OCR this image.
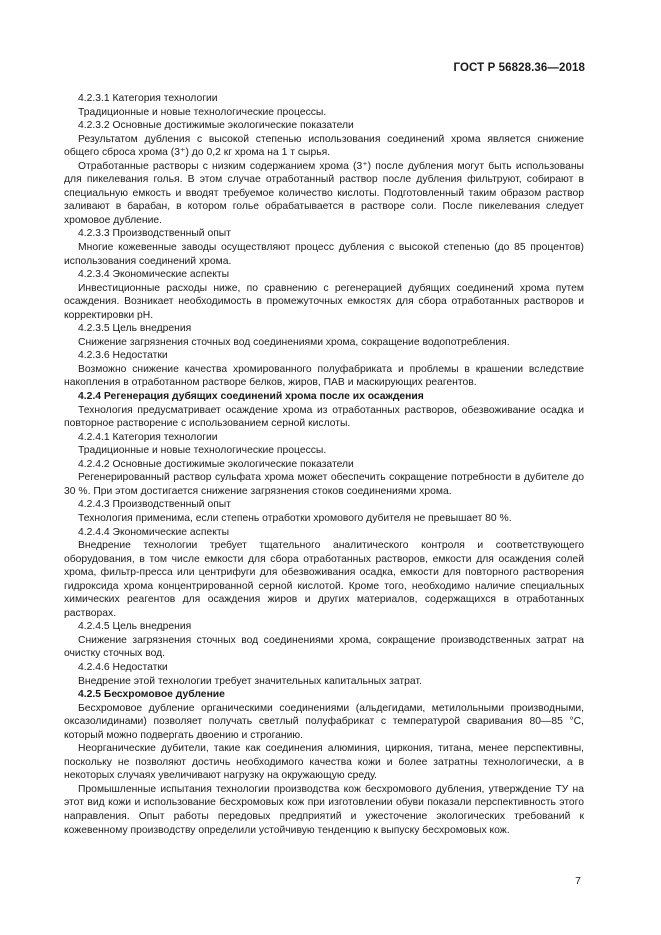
ГОСТ Р 56828.36—2018

4.2.3.1 Категория технологии

Традиционные и новые технологические процессы.

4.2.3.2 Основные достижимые экологические показатели

Результатом дубления с высокой степенью использования соединений хрома является снижение общего сброса хрома (3⁺) до 0,2 кг хрома на 1 т сырья.

Отработанные растворы с низким содержанием хрома (3⁺) после дубления могут быть использованы для пикелевания голья. В этом случае отработанный раствор после дубления фильтруют, собирают в специальную емкость и вводят требуемое количество кислоты. Подготовленный таким образом раствор заливают в барабан, в котором голье обрабатывается в растворе соли. После пикелевания следует хромовое дубление.

4.2.3.3 Производственный опыт

Многие кожевенные заводы осуществляют процесс дубления с высокой степенью (до 85 процентов) использования соединений хрома.

4.2.3.4 Экономические аспекты

Инвестиционные расходы ниже, по сравнению с регенерацией дубящих соединений хрома путем осаждения. Возникает необходимость в промежуточных емкостях для сбора отработанных растворов и корректировки pH.

4.2.3.5 Цель внедрения

Снижение загрязнения сточных вод соединениями хрома, сокращение водопотребления.

4.2.3.6 Недостатки

Возможно снижение качества хромированного полуфабриката и проблемы в крашении вследствие накопления в отработанном растворе белков, жиров, ПАВ и маскирующих реагентов.

4.2.4 Регенерация дубящих соединений хрома после их осаждения

Технология предусматривает осаждение хрома из отработанных растворов, обезвоживание осадка и повторное растворение с использованием серной кислоты.

4.2.4.1 Категория технологии

Традиционные и новые технологические процессы.

4.2.4.2 Основные достижимые экологические показатели

Регенерированный раствор сульфата хрома может обеспечить сокращение потребности в дубителе до 30 %. При этом достигается снижение загрязнения стоков соединениями хрома.

4.2.4.3 Производственный опыт

Технология применима, если степень отработки хромового дубителя не превышает 80 %.

4.2.4.4 Экономические аспекты

Внедрение технологии требует тщательного аналитического контроля и соответствующего оборудования, в том числе емкости для сбора отработанных растворов, емкости для осаждения солей хрома, фильтр-пресса или центрифуги для обезвоживания осадка, емкости для повторного растворения гидроксида хрома концентрированной серной кислотой. Кроме того, необходимо наличие специальных химических реагентов для осаждения жиров и других материалов, содержащихся в отработанных растворах.

4.2.4.5 Цель внедрения

Снижение загрязнения сточных вод соединениями хрома, сокращение производственных затрат на очистку сточных вод.

4.2.4.6 Недостатки

Внедрение этой технологии требует значительных капитальных затрат.

4.2.5 Бесхромовое дубление

Бесхромовое дубление органическими соединениями (альдегидами, метилольными производными, оксазолидинами) позволяет получать светлый полуфабрикат с температурой сваривания 80—85 °С, который можно подвергать двоению и строганию.

Неорганические дубители, такие как соединения алюминия, циркония, титана, менее перспективны, поскольку не позволяют достичь необходимого качества кожи и более затратны технологически, а в некоторых случаях увеличивают нагрузку на окружающую среду.

Промышленные испытания технологии производства кож бесхромового дубления, утверждение ТУ на этот вид кожи и использование бесхромовых кож при изготовлении обуви показали перспективность этого направления. Опыт работы передовых предприятий и ужесточение экологических требований к кожевенному производству определили устойчивую тенденцию к выпуску бесхромовых кож.

7
